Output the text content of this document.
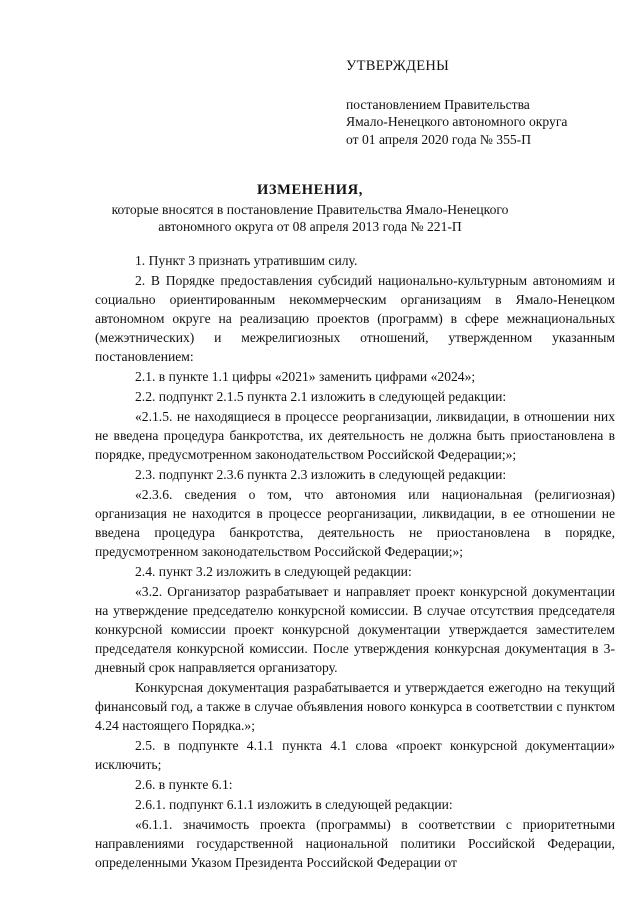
УТВЕРЖДЕНЫ
постановлением Правительства
Ямало-Ненецкого автономного округа
от 01 апреля 2020 года № 355-П
ИЗМЕНЕНИЯ,
которые вносятся в постановление Правительства Ямало-Ненецкого
автономного округа от 08 апреля 2013 года № 221-П

1. Пункт 3 признать утратившим силу.

2. В Порядке предоставления субсидий национально-культурным автономиям и социально ориентированным некоммерческим организациям в Ямало-Ненецком автономном округе на реализацию проектов (программ) в сфере межнациональных (межэтнических) и межрелигиозных отношений, утвержденном указанным постановлением:

2.1. в пункте 1.1 цифры «2021» заменить цифрами «2024»;

2.2. подпункт 2.1.5 пункта 2.1 изложить в следующей редакции:

«2.1.5. не находящиеся в процессе реорганизации, ликвидации, в отношении них не введена процедура банкротства, их деятельность не должна быть приостановлена в порядке, предусмотренном законодательством Российской Федерации;»;

2.3. подпункт 2.3.6 пункта 2.3 изложить в следующей редакции:

«2.3.6. сведения о том, что автономия или национальная (религиозная) организация не находится в процессе реорганизации, ликвидации, в ее отношении не введена процедура банкротства, деятельность не приостановлена в порядке, предусмотренном законодательством Российской Федерации;»;

2.4. пункт 3.2 изложить в следующей редакции:

«3.2. Организатор разрабатывает и направляет проект конкурсной документации на утверждение председателю конкурсной комиссии. В случае отсутствия председателя конкурсной комиссии проект конкурсной документации утверждается заместителем председателя конкурсной комиссии. После утверждения конкурсная документация в 3-дневный срок направляется организатору.

Конкурсная документация разрабатывается и утверждается ежегодно на текущий финансовый год, а также в случае объявления нового конкурса в соответствии с пунктом 4.24 настоящего Порядка.»;

2.5. в подпункте 4.1.1 пункта 4.1 слова «проект конкурсной документации» исключить;

2.6. в пункте 6.1:

2.6.1. подпункт 6.1.1 изложить в следующей редакции:

«6.1.1. значимость проекта (программы) в соответствии с приоритетными направлениями государственной национальной политики Российской Федерации, определенными Указом Президента Российской Федерации от
